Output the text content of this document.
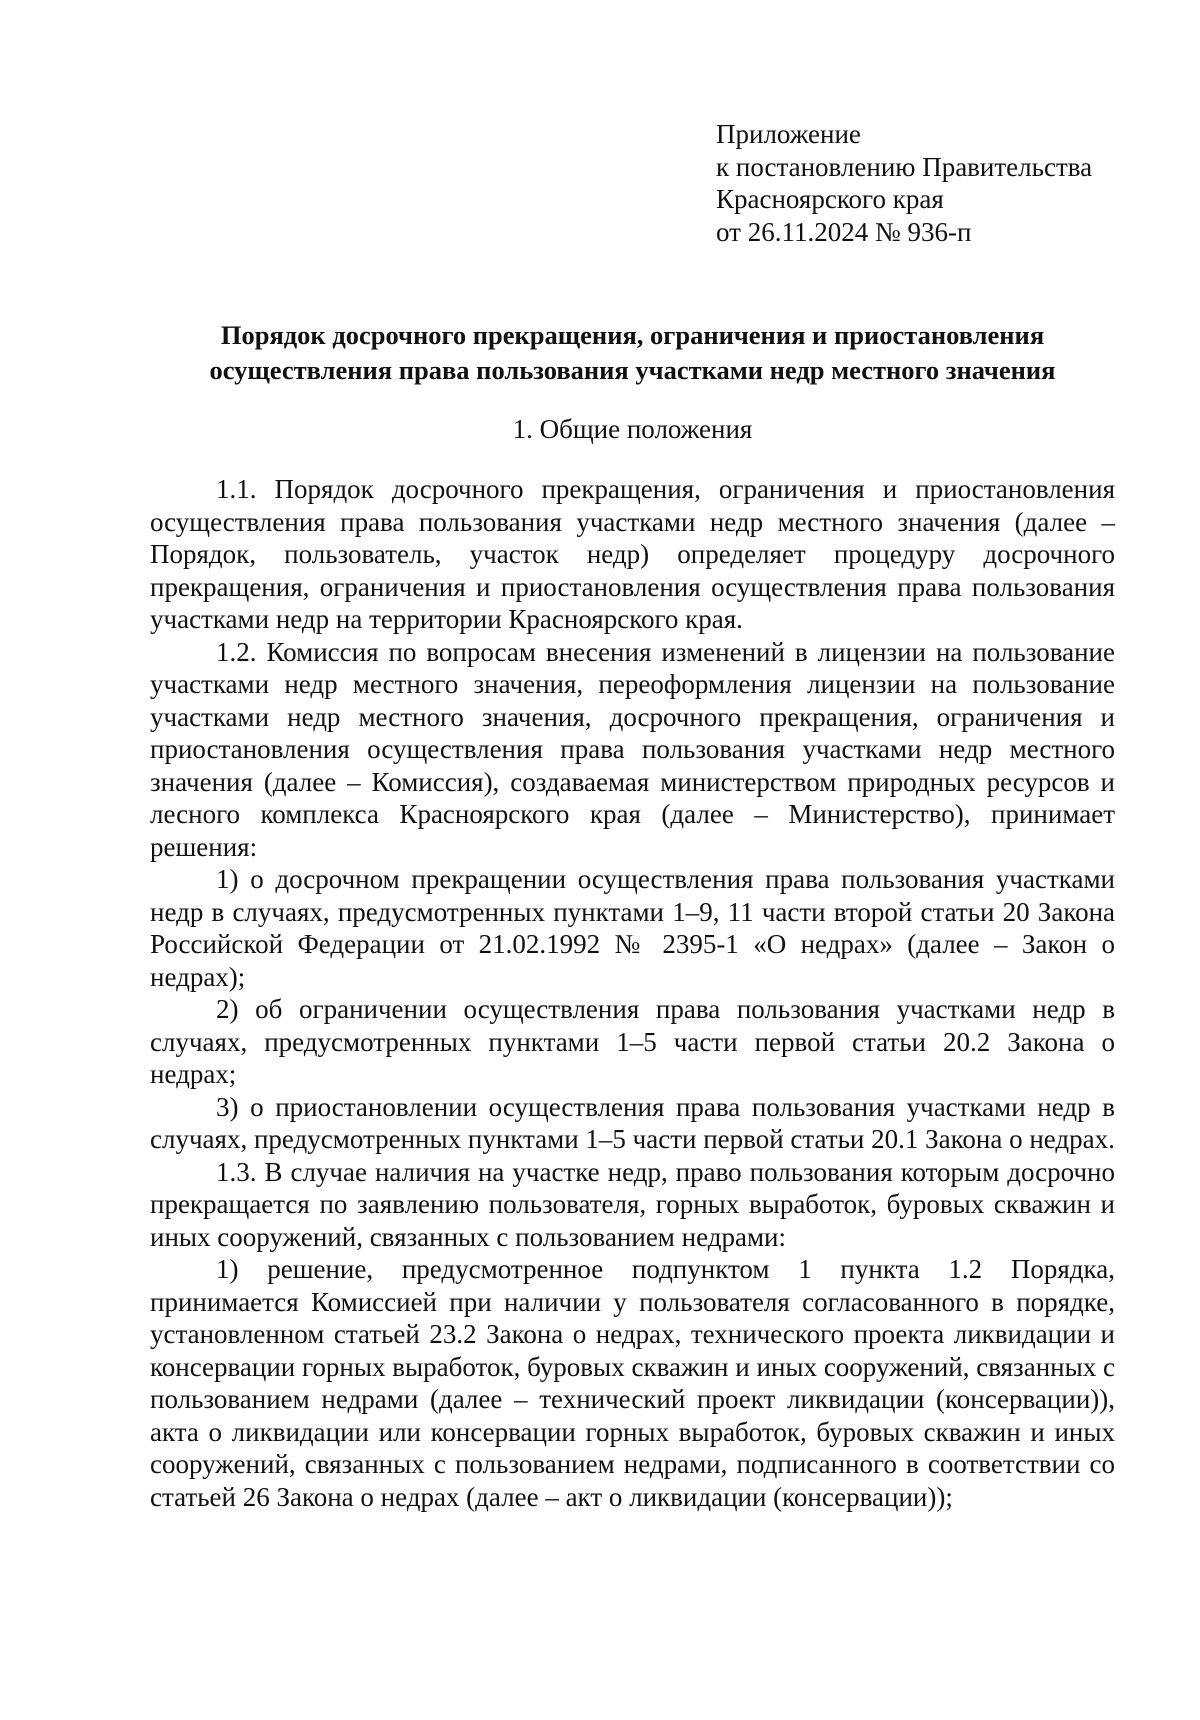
Приложение
к постановлению Правительства
Красноярского края
от 26.11.2024 № 936-п
Порядок досрочного прекращения, ограничения и приостановления
осуществления права пользования участками недр местного значения
1. Общие положения

1.1. Порядок досрочного прекращения, ограничения и приостановления осуществления права пользования участками недр местного значения (далее – Порядок, пользователь, участок недр) определяет процедуру досрочного прекращения, ограничения и приостановления осуществления права пользования участками недр на территории Красноярского края.

1.2. Комиссия по вопросам внесения изменений в лицензии на пользование участками недр местного значения, переоформления лицензии на пользование участками недр местного значения, досрочного прекращения, ограничения и приостановления осуществления права пользования участками недр местного значения (далее – Комиссия), создаваемая министерством природных ресурсов и лесного комплекса Красноярского края (далее – Министерство), принимает решения:

1) о досрочном прекращении осуществления права пользования участками недр в случаях, предусмотренных пунктами 1–9, 11 части второй статьи 20 Закона Российской Федерации от 21.02.1992 № 2395-1 «О недрах» (далее – Закон о недрах);

2) об ограничении осуществления права пользования участками недр в случаях, предусмотренных пунктами 1–5 части первой статьи 20.2 Закона о недрах;

3) о приостановлении осуществления права пользования участками недр в случаях, предусмотренных пунктами 1–5 части первой статьи 20.1 Закона о недрах.

1.3. В случае наличия на участке недр, право пользования которым досрочно прекращается по заявлению пользователя, горных выработок, буровых скважин и иных сооружений, связанных с пользованием недрами:

1) решение, предусмотренное подпунктом 1 пункта 1.2 Порядка, принимается Комиссией при наличии у пользователя согласованного в порядке, установленном статьей 23.2 Закона о недрах, технического проекта ликвидации и консервации горных выработок, буровых скважин и иных сооружений, связанных с пользованием недрами (далее – технический проект ликвидации (консервации)), акта о ликвидации или консервации горных выработок, буровых скважин и иных сооружений, связанных с пользованием недрами, подписанного в соответствии со статьей 26 Закона о недрах (далее – акт о ликвидации (консервации));
